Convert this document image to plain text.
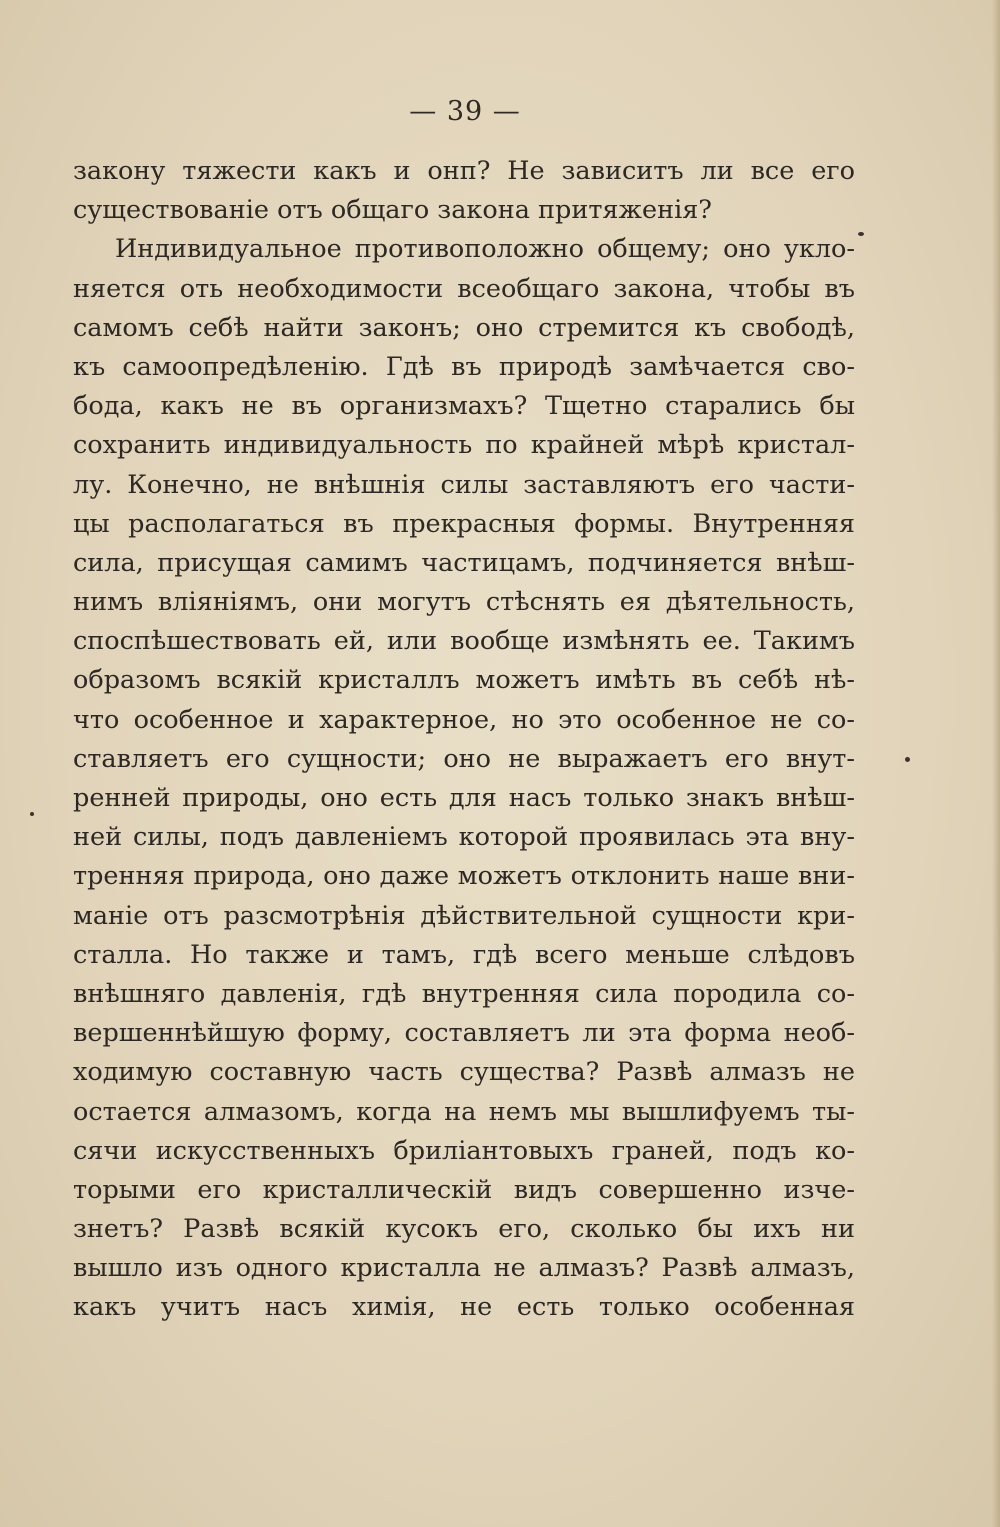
— 39 —
закону тяжести какъ и онп? Не зависитъ ли все его
существованіе отъ общаго закона притяженія?
Индивидуальное противоположно общему; оно укло-
няется оть необходимости всеобщаго закона, чтобы въ
самомъ себѣ найти законъ; оно стремится къ свободѣ,
къ самоопредѣленію. Гдѣ въ природѣ замѣчается сво-
бода, какъ не въ организмахъ? Тщетно старались бы
сохранить индивидуальность по крайней мѣрѣ кристал-
лу. Конечно, не внѣшнія силы заставляютъ его части-
цы располагаться въ прекрасныя формы. Внутренняя
сила, присущая самимъ частицамъ, подчиняется внѣш-
нимъ вліяніямъ, они могутъ стѣснять ея дѣятельность,
споспѣшествовать ей, или вообще измѣнять ее. Такимъ
образомъ всякій кристаллъ можетъ имѣть въ себѣ нѣ-
что особенное и характерное, но это особенное не со-
ставляетъ его сущности; оно не выражаетъ его внут-
ренней природы, оно есть для насъ только знакъ внѣш-
ней силы, подъ давленіемъ которой проявилась эта вну-
тренняя природа, оно даже можетъ отклонить наше вни-
маніе отъ разсмотрѣнія дѣйствительной сущности кри-
сталла. Но также и тамъ, гдѣ всего меньше слѣдовъ
внѣшняго давленія, гдѣ внутренняя сила породила со-
вершеннѣйшую форму, составляетъ ли эта форма необ-
ходимую составную часть существа? Развѣ алмазъ не
остается алмазомъ, когда на немъ мы вышлифуемъ ты-
сячи искусственныхъ бриліантовыхъ граней, подъ ко-
торыми его кристаллическій видъ совершенно изче-
знетъ? Развѣ всякій кусокъ его, сколько бы ихъ ни
вышло изъ одного кристалла не алмазъ? Развѣ алмазъ,
какъ учитъ насъ химія, не есть только особенная
